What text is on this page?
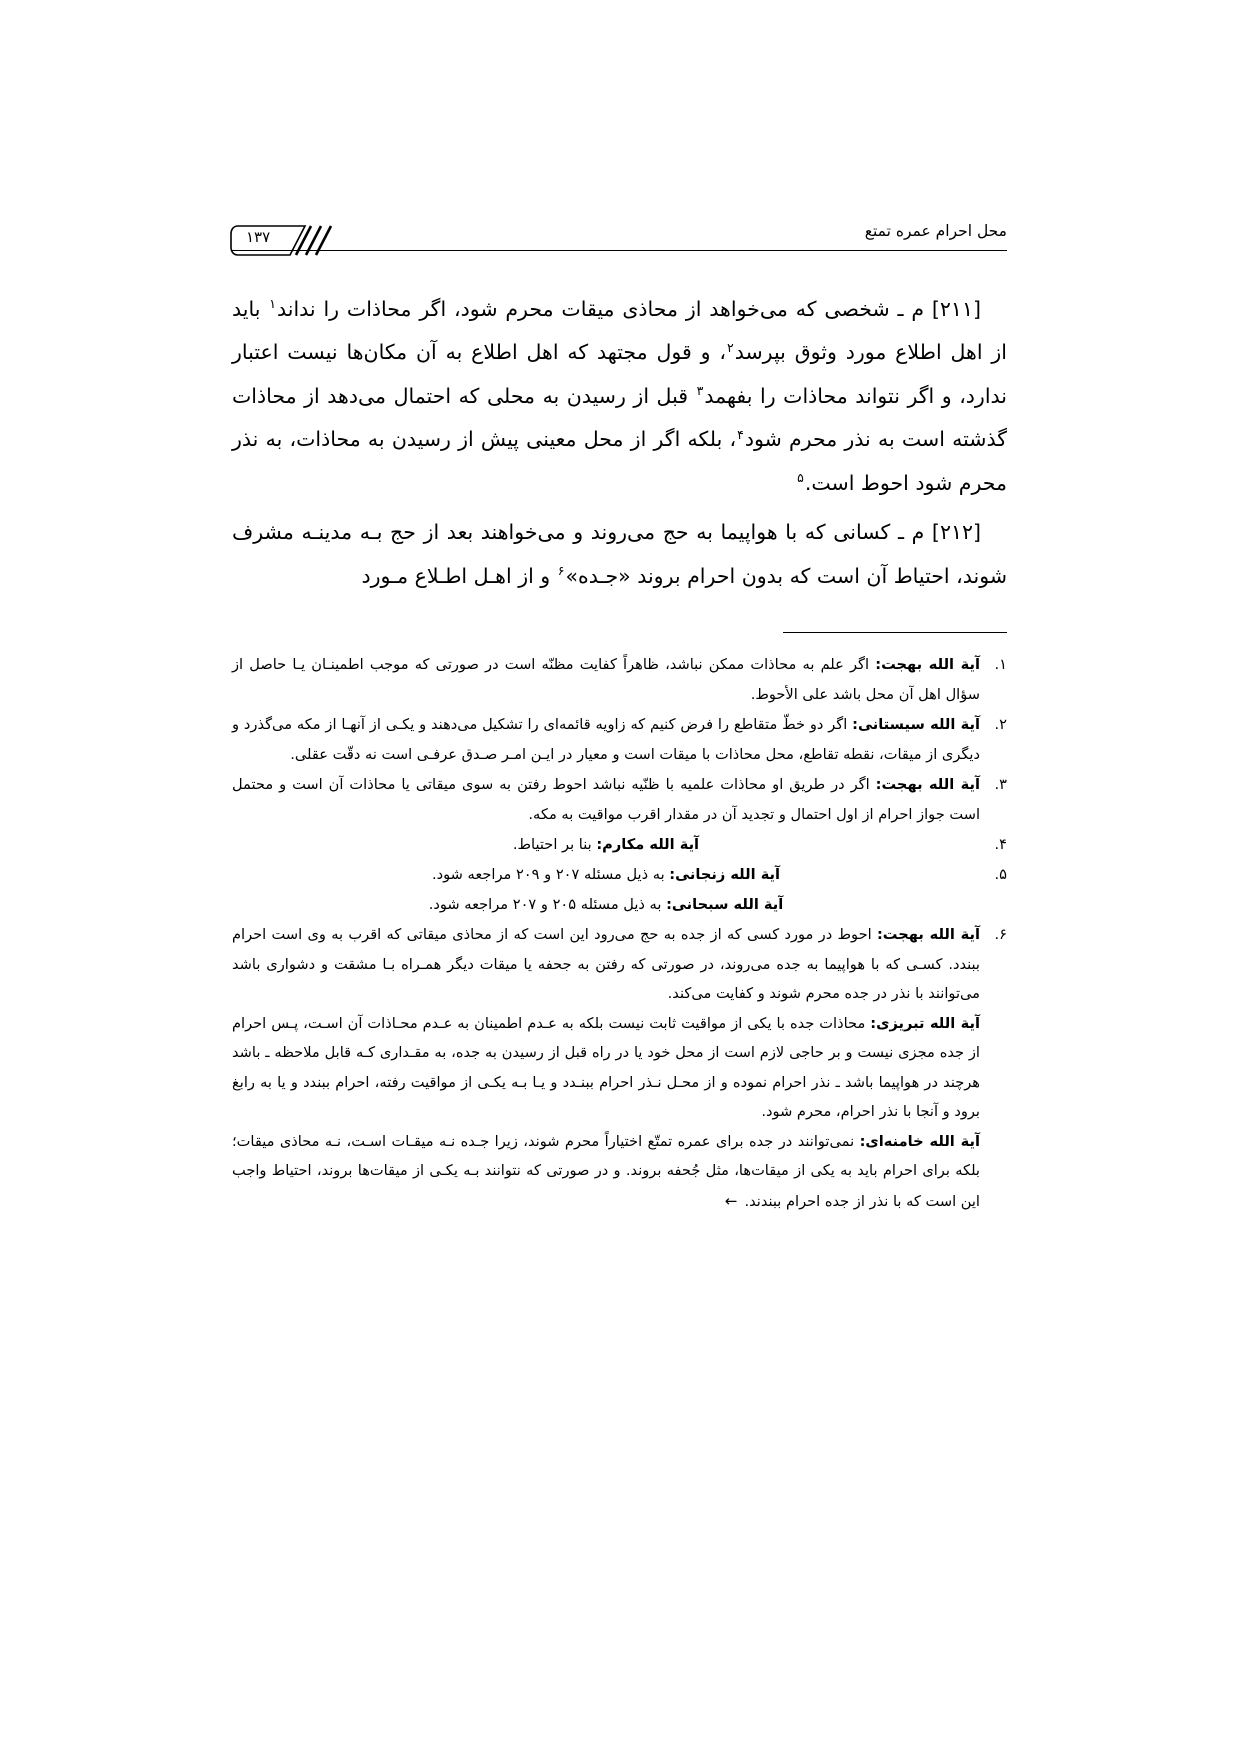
محل احرام عمره تمتع
۱۳۷

[۲۱۱] م ـ شخصی که می‌خواهد از محاذی میقات محرم شود، اگر محاذات را نداند$^۱$ باید از اهل اطلاع مورد وثوق بپرسد$^۲$، و قول مجتهد که اهل اطلاع به آن مکان‌ها نیست اعتبار ندارد، و اگر نتواند محاذات را بفهمد$^۳$ قبل از رسیدن به محلی که احتمال می‌دهد از محاذات گذشته است به نذر محرم شود$^۴$، بلکه اگر از محل معینی پیش از رسیدن به محاذات، به نذر محرم شود احوط است.$^۵$

[۲۱۲] م ـ کسانی که با هواپیما به حج می‌روند و می‌خواهند بعد از حج بـه مدینـه مشرف شوند، احتیاط آن است که بدون احرام بروند «جـده»$^۶$ و از اهـل اطـلاع مـورد

۱.

آية الله بهجت: اگر علم به محاذات ممکن نباشد، ظاهراً کفایت مظنّه است در صورتی که موجب اطمینـان یـا حاصل از سؤال اهل آن محل باشد علی الأحوط.

۲.

آية الله سیستانی: اگر دو خطّ متقاطع را فرض کنیم که زاویه قائمه‌ای را تشکیل می‌دهند و یکـی از آنهـا از مکه می‌گذرد و دیگری از میقات، نقطه تقاطع، محل محاذات با میقات است و معیار در ایـن امـر صـدق عرفـی است نه دقّت عقلی.

۳.

آية الله بهجت: اگر در طریق او محاذات علمیه با ظنّیه نباشد احوط رفتن به سوی میقاتی یا محاذات آن است و محتمل است جواز احرام از اول احتمال و تجدید آن در مقدار اقرب مواقیت به مکه.

۴.

آية الله مکارم: بنا بر احتیاط.

۵.

آية الله زنجانی: به ذیل مسئله ۲۰۷ و ۲۰۹ مراجعه شود.

آية الله سبحانی: به ذیل مسئله ۲۰۵ و ۲۰۷ مراجعه شود.

۶.

آية الله بهجت: احوط در مورد کسی که از جده به حج می‌رود این است که از محاذی میقاتی که اقرب به وی است احرام ببندد. کسـی که با هواپیما به جده می‌روند، در صورتی که رفتن به جحفه یا میقات دیگر همـراه بـا مشقت و دشواری باشد می‌توانند با نذر در جده محرم شوند و کفایت می‌کند.

آية الله تبریزی: محاذات جده با یکی از مواقیت ثابت نیست بلکه به عـدم اطمینان به عـدم محـاذات آن اسـت، پـس احرام از جده مجزی نیست و بر حاجی لازم است از محل خود یا در راه قبل از رسیدن به جده، به مقـداری کـه قابل ملاحظه ـ باشد هرچند در هواپیما باشد ـ نذر احرام نموده و از محـل نـذر احرام ببنـدد و یـا بـه یکـی از مواقیت رفته، احرام ببندد و یا به رابغ برود و آنجا با نذر احرام، محرم شود.

آية الله خامنه‌ای: نمی‌توانند در جده برای عمره تمتّع اختیاراً محرم شوند، زیرا جـده نـه میقـات اسـت، نـه محاذی میقات؛ بلکه برای احرام باید به یکی از میقات‌ها، مثل جُحفه بروند. و در صورتی که نتوانند بـه یکـی از میقات‌ها بروند، احتیاط واجب این است که با نذر از جده احرام ببندند.←
